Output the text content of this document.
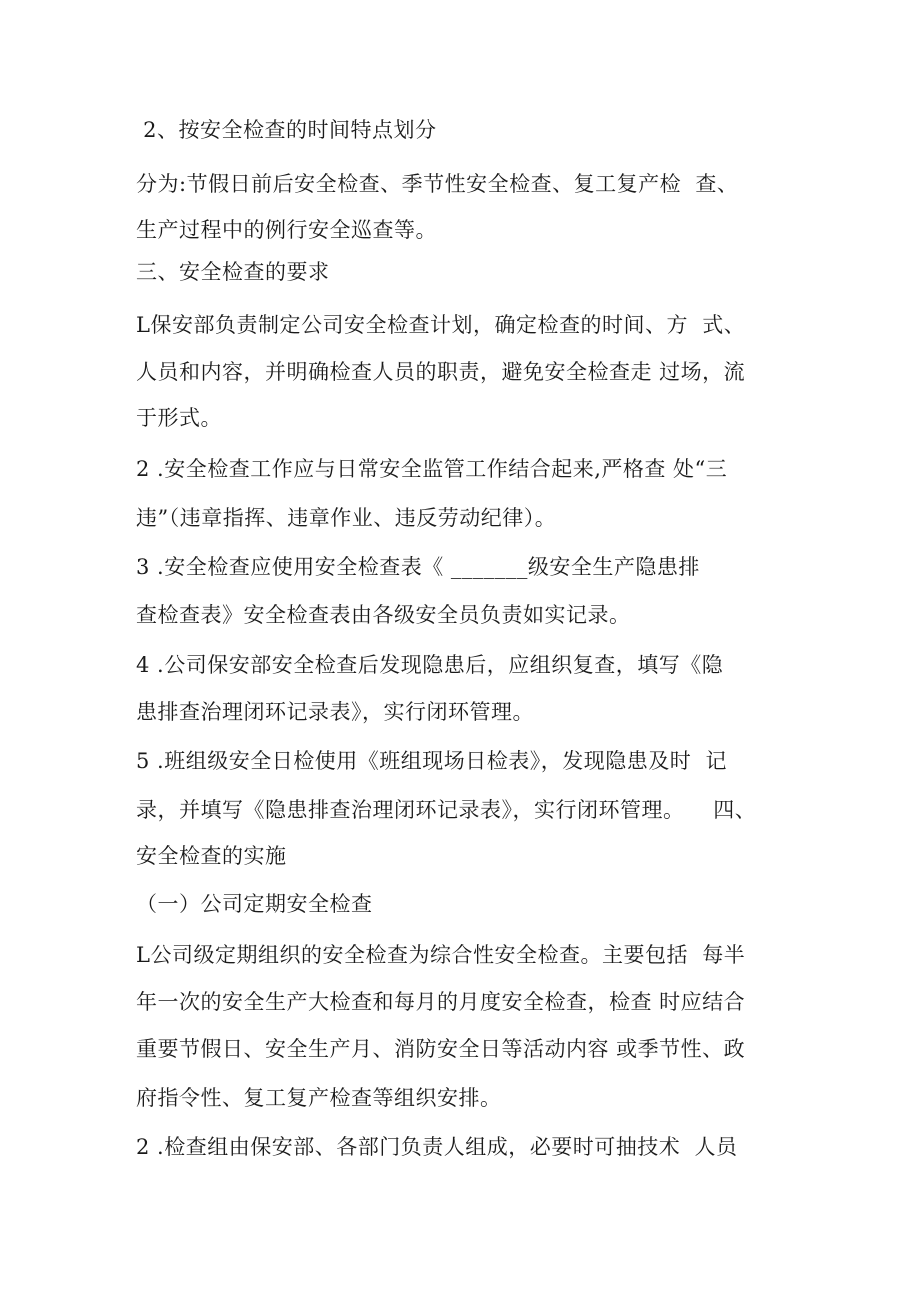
2、按安全检查的时间特点划分

分为:节假日前后安全检查、季节性安全检查、复工复产检  查、

生产过程中的例行安全巡查等。

三、安全检查的要求

L保安部负责制定公司安全检查计划，确定检查的时间、方  式、

人员和内容，并明确检查人员的职责，避免安全检查走 过场，流

于形式。

2 .安全检查工作应与日常安全监管工作结合起来,严格查 处“三

违”（违章指挥、违章作业、违反劳动纪律）。

3 .安全检查应使用安全检查表《 _______级安全生产隐患排

查检查表》安全检查表由各级安全员负责如实记录。

4 .公司保安部安全检查后发现隐患后，应组织复查，填写《隐

患排查治理闭环记录表》，实行闭环管理。

5 .班组级安全日检使用《班组现场日检表》，发现隐患及时  记

录，并填写《隐患排查治理闭环记录表》，实行闭环管理。    四、

安全检查的实施

（一）公司定期安全检查

L公司级定期组织的安全检查为综合性安全检查。主要包括  每半

年一次的安全生产大检查和每月的月度安全检查，检查 时应结合

重要节假日、安全生产月、消防安全日等活动内容 或季节性、政

府指令性、复工复产检查等组织安排。

2 .检查组由保安部、各部门负责人组成，必要时可抽技术  人员
